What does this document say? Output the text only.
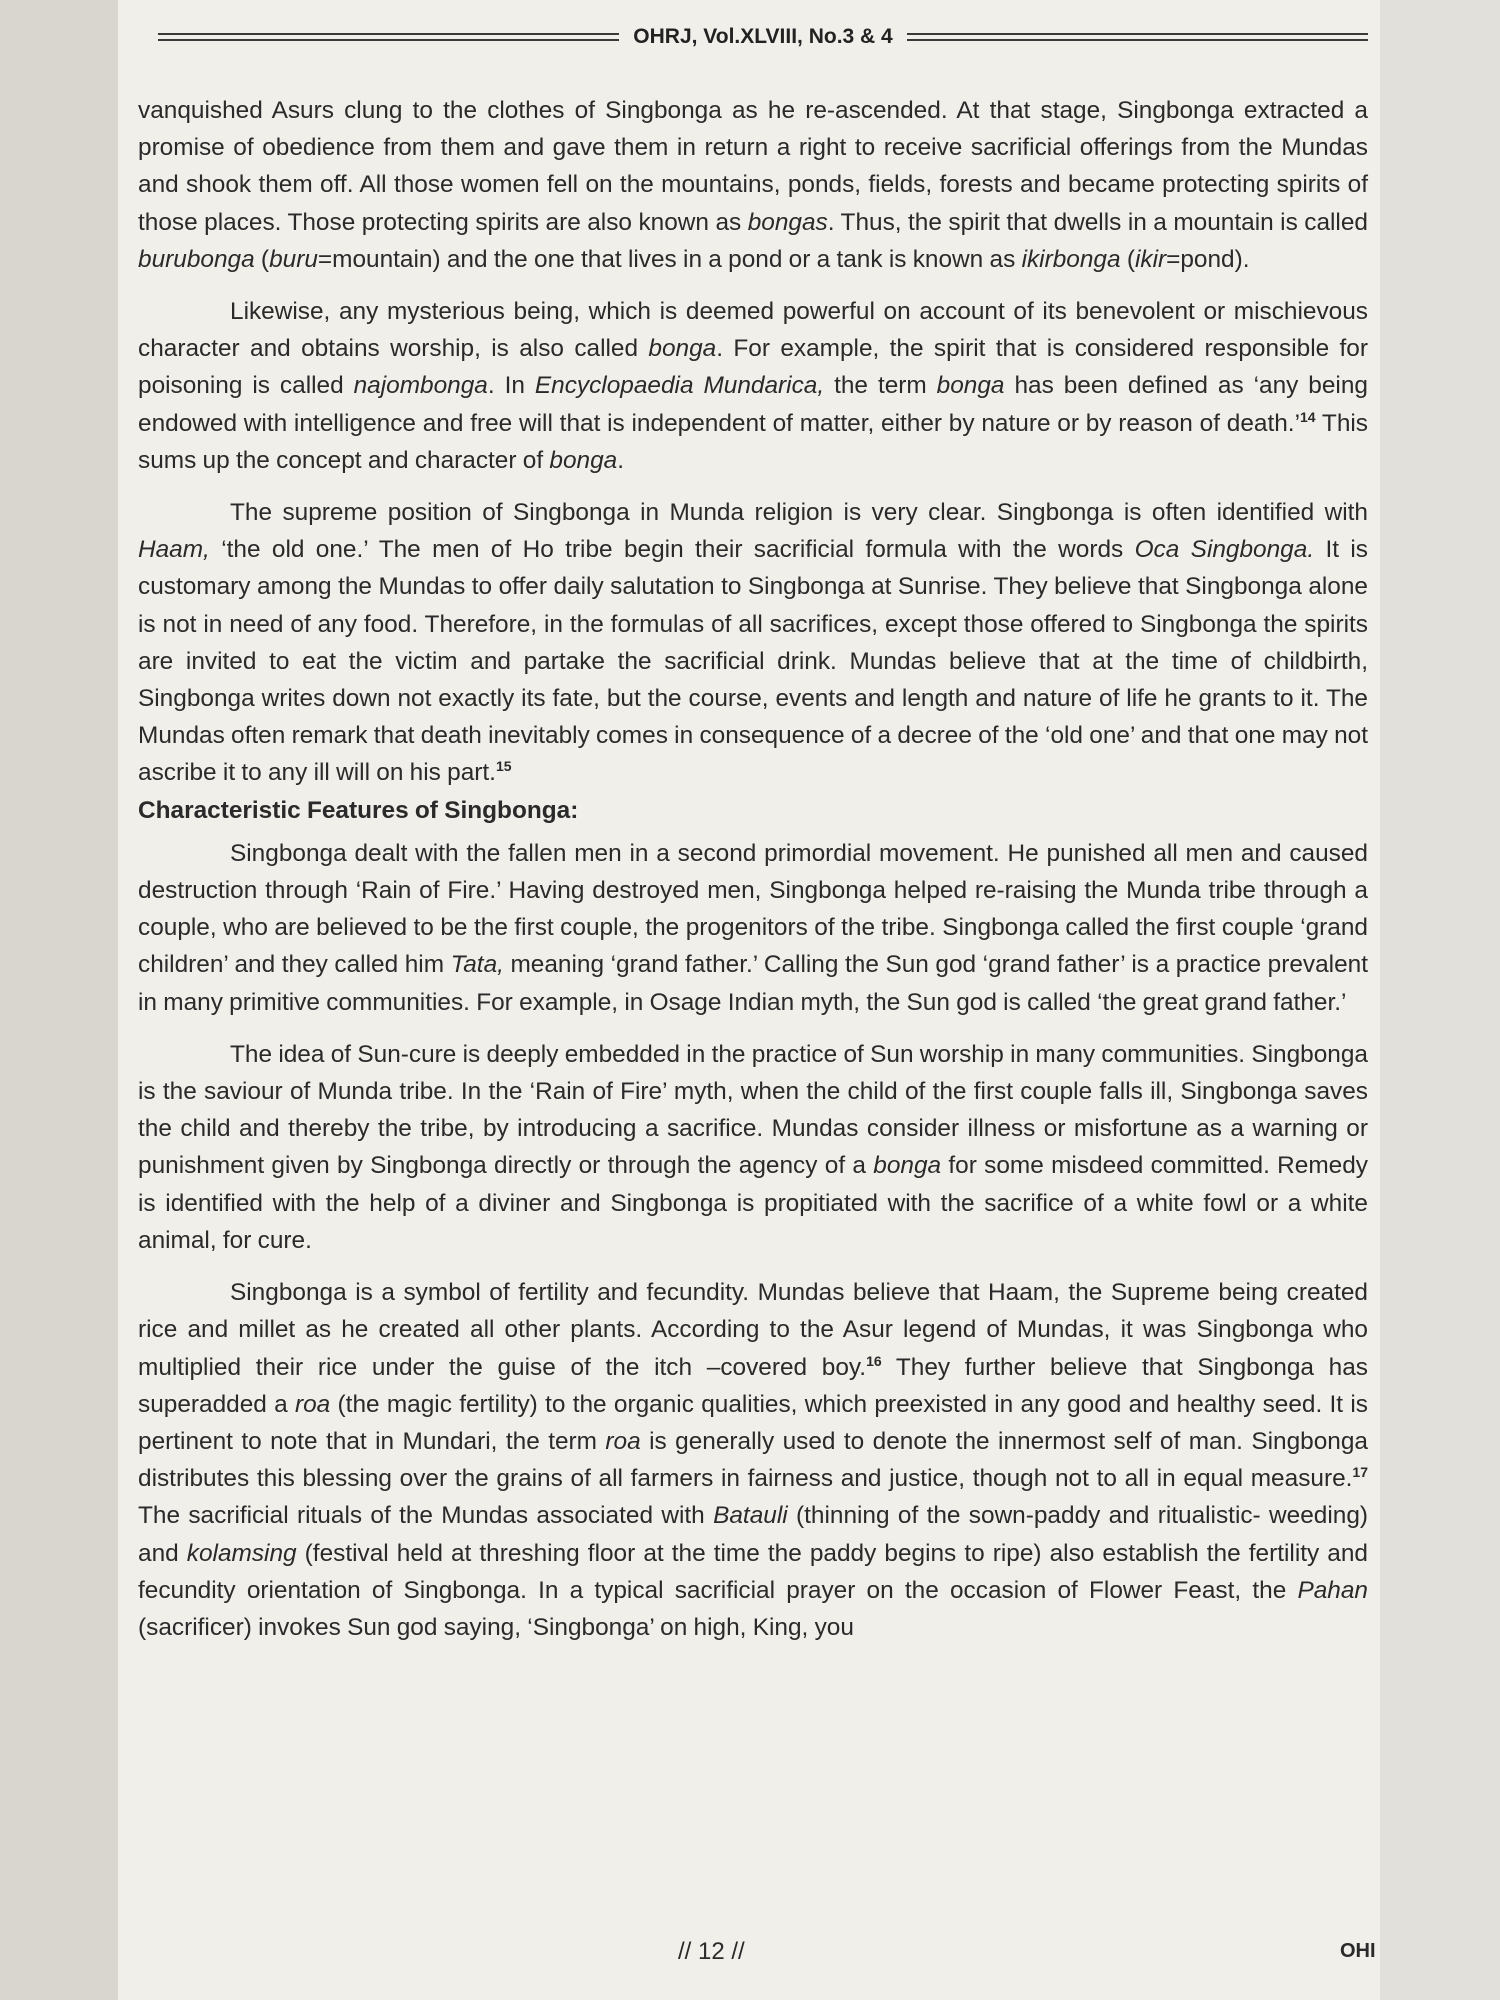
OHRJ, Vol.XLVIII, No.3 & 4

vanquished Asurs clung to the clothes of Singbonga as he re-ascended. At that stage, Singbonga extracted a promise of obedience from them and gave them in return a right to receive sacrificial offerings from the Mundas and shook them off. All those women fell on the mountains, ponds, fields, forests and became protecting spirits of those places. Those protecting spirits are also known as bongas. Thus, the spirit that dwells in a mountain is called burubonga (buru=mountain) and the one that lives in a pond or a tank is known as ikirbonga (ikir=pond).

Likewise, any mysterious being, which is deemed powerful on account of its benevolent or mischievous character and obtains worship, is also called bonga. For example, the spirit that is considered responsible for poisoning is called najombonga. In Encyclopaedia Mundarica, the term bonga has been defined as ‘any being endowed with intelligence and free will that is independent of matter, either by nature or by reason of death.’$^{14}$ This sums up the concept and character of bonga.

The supreme position of Singbonga in Munda religion is very clear. Singbonga is often identified with Haam, ‘the old one.’ The men of Ho tribe begin their sacrificial formula with the words Oca Singbonga. It is customary among the Mundas to offer daily salutation to Singbonga at Sunrise. They believe that Singbonga alone is not in need of any food. Therefore, in the formulas of all sacrifices, except those offered to Singbonga the spirits are invited to eat the victim and partake the sacrificial drink. Mundas believe that at the time of childbirth, Singbonga writes down not exactly its fate, but the course, events and length and nature of life he grants to it. The Mundas often remark that death inevitably comes in consequence of a decree of the ‘old one’ and that one may not ascribe it to any ill will on his part.$^{15}$

Characteristic Features of Singbonga:

Singbonga dealt with the fallen men in a second primordial movement. He punished all men and caused destruction through ‘Rain of Fire.’ Having destroyed men, Singbonga helped re-raising the Munda tribe through a couple, who are believed to be the first couple, the progenitors of the tribe. Singbonga called the first couple ‘grand children’ and they called him Tata, meaning ‘grand father.’ Calling the Sun god ‘grand father’ is a practice prevalent in many primitive communities. For example, in Osage Indian myth, the Sun god is called ‘the great grand father.’

The idea of Sun-cure is deeply embedded in the practice of Sun worship in many communities. Singbonga is the saviour of Munda tribe. In the ‘Rain of Fire’ myth, when the child of the first couple falls ill, Singbonga saves the child and thereby the tribe, by introducing a sacrifice. Mundas consider illness or misfortune as a warning or punishment given by Singbonga directly or through the agency of a bonga for some misdeed committed. Remedy is identified with the help of a diviner and Singbonga is propitiated with the sacrifice of a white fowl or a white animal, for cure.

Singbonga is a symbol of fertility and fecundity. Mundas believe that Haam, the Supreme being created rice and millet as he created all other plants. According to the Asur legend of Mundas, it was Singbonga who multiplied their rice under the guise of the itch –covered boy.$^{16}$ They further believe that Singbonga has superadded a roa (the magic fertility) to the organic qualities, which preexisted in any good and healthy seed. It is pertinent to note that in Mundari, the term roa is generally used to denote the innermost self of man. Singbonga distributes this blessing over the grains of all farmers in fairness and justice, though not to all in equal measure.$^{17}$ The sacrificial rituals of the Mundas associated with Batauli (thinning of the sown-paddy and ritualistic- weeding) and kolamsing (festival held at threshing floor at the time the paddy begins to ripe) also establish the fertility and fecundity orientation of Singbonga. In a typical sacrificial prayer on the occasion of Flower Feast, the Pahan (sacrificer) invokes Sun god saying, ‘Singbonga’ on high, King, you

// 12 //	OHI
